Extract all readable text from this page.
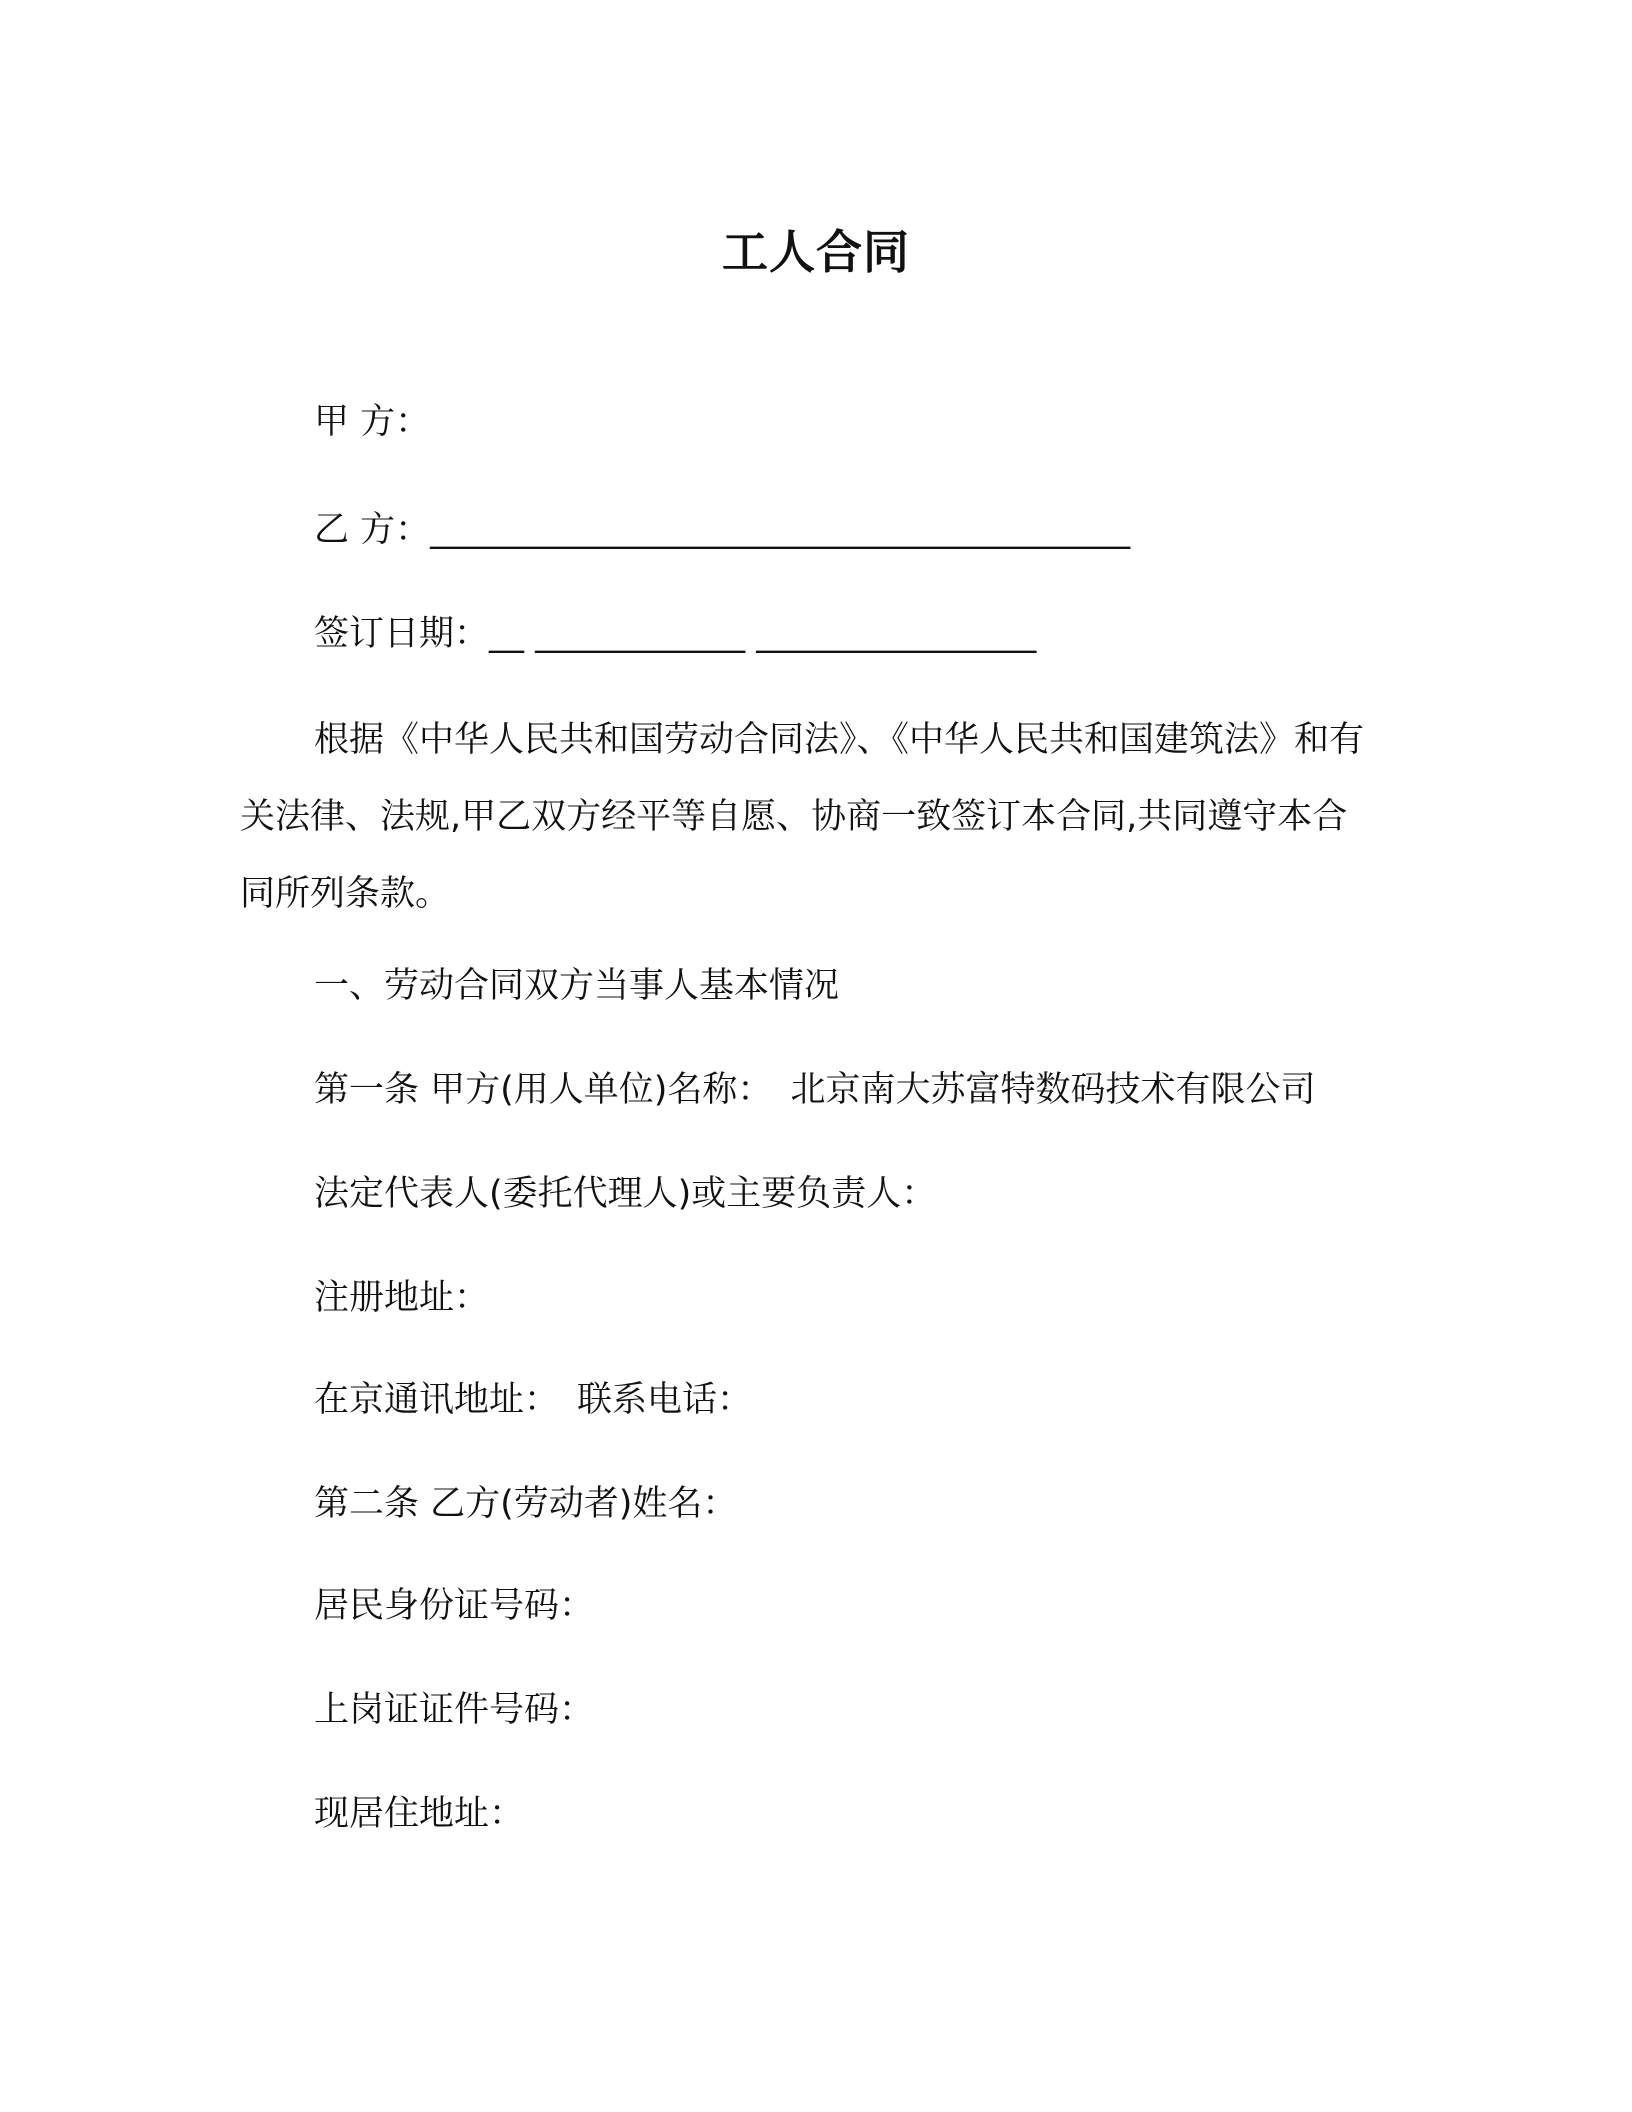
工人合同
甲 方：
乙 方：________________________________________
签订日期：__ ____________ ________________
根据《中华人民共和国劳动合同法》、《中华人民共和国建筑法》和有关法律、法规,甲乙双方经平等自愿、协商一致签订本合同,共同遵守本合同所列条款。
一、劳动合同双方当事人基本情况
第一条 甲方(用人单位)名称： 北京南大苏富特数码技术有限公司
法定代表人(委托代理人)或主要负责人：
注册地址：
在京通讯地址： 联系电话：
第二条 乙方(劳动者)姓名：
居民身份证号码：
上岗证证件号码：
现居住地址：
